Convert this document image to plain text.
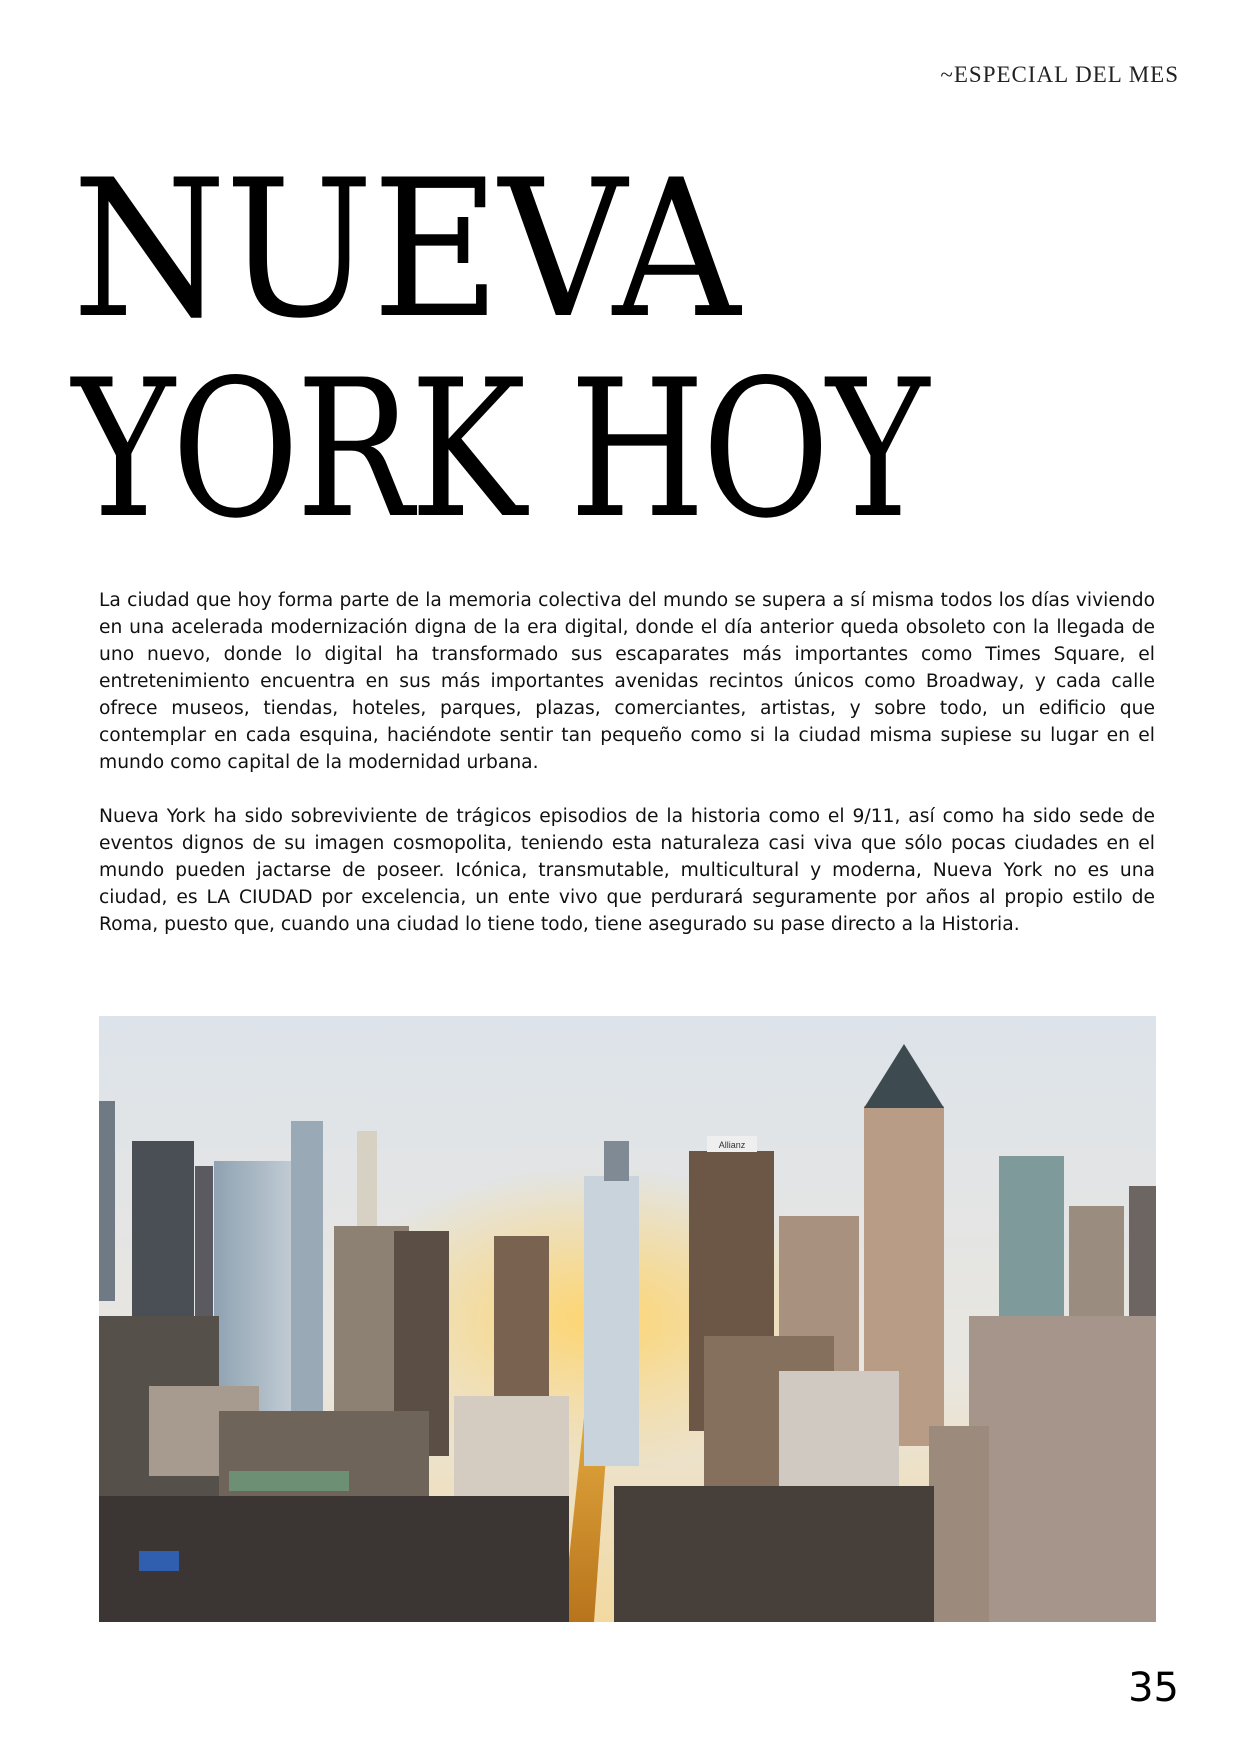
~ESPECIAL DEL MES
NUEVA
YORK HOY

La ciudad que hoy forma parte de la memoria colectiva del mundo se supera a sí misma todos los días viviendo en una acelerada modernización digna de la era digital, donde el día anterior queda obsoleto con la llegada de uno nuevo, donde lo digital ha transformado sus escaparates más importantes como Times Square, el entretenimiento encuentra en sus más importantes avenidas recintos únicos como Broadway, y cada calle ofrece museos, tiendas, hoteles, parques, plazas, comerciantes, artistas, y sobre todo, un edificio que contemplar en cada esquina, haciéndote sentir tan pequeño como si la ciudad misma supiese su lugar en el mundo como capital de la modernidad urbana.

Nueva York ha sido sobreviviente de trágicos episodios de la historia como el 9/11, así como ha sido sede de eventos dignos de su imagen cosmopolita, teniendo esta naturaleza casi viva que sólo pocas ciudades en el mundo pueden jactarse de poseer. Icónica, transmutable, multicultural y moderna, Nueva York no es una ciudad, es LA CIUDAD por excelencia, un ente vivo que perdurará seguramente por años al propio estilo de Roma, puesto que, cuando una ciudad lo tiene todo, tiene asegurado su pase directo a la Historia.

Allianz
35
